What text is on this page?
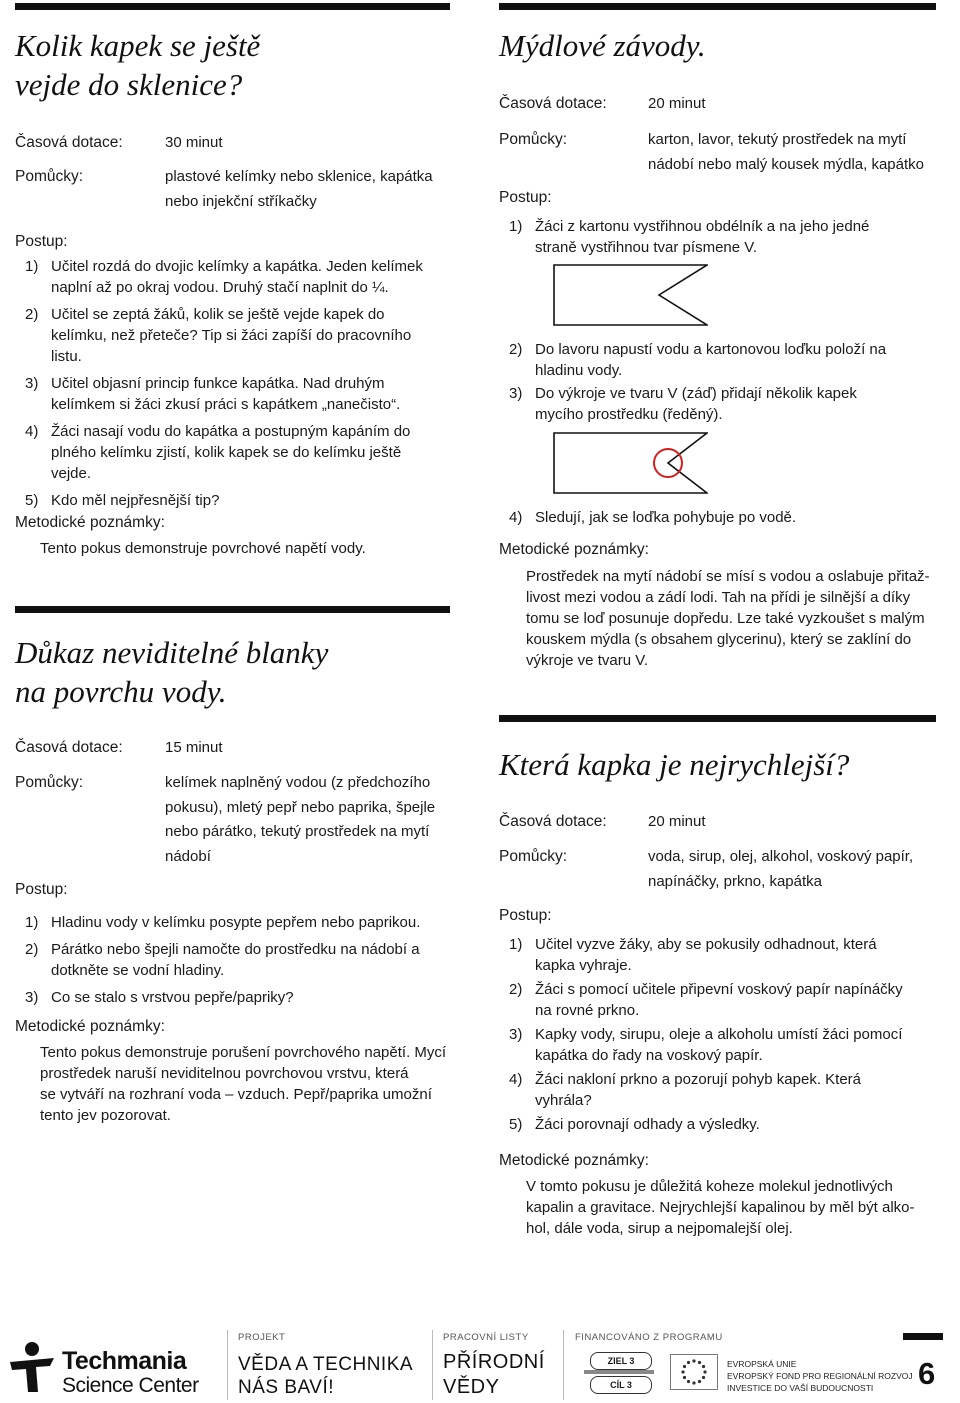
Kolik kapek se ještě
vejde do sklenice?
Časová dotace:	30 minut
Pomůcky:	plastové kelímky nebo sklenice, kapátka
nebo injekční stříkačky
Postup:
1) Učitel rozdá do dvojic kelímky a kapátka. Jeden kelímek
naplní až po okraj vodou. Druhý stačí naplnit do ¼.
2) Učitel se zeptá žáků, kolik se ještě vejde kapek do
kelímku, než přeteče? Tip si žáci zapíší do pracovního
listu.
3) Učitel objasní princip funkce kapátka. Nad druhým
kelímkem si žáci zkusí práci s kapátkem „nanečisto“.
4) Žáci nasají vodu do kapátka a postupným kapáním do
plného kelímku zjistí, kolik kapek se do kelímku ještě
vejde.
5) Kdo měl nejpřesnější tip?
Metodické poznámky:
Tento pokus demonstruje povrchové napětí vody.
Důkaz neviditelné blanky
na povrchu vody.
Časová dotace:	15 minut
Pomůcky:	kelímek naplněný vodou (z předchozího
pokusu), mletý pepř nebo paprika, špejle
nebo párátko, tekutý prostředek na mytí
nádobí
Postup:
1) Hladinu vody v kelímku posypte pepřem nebo paprikou.
2) Párátko nebo špejli namočte do prostředku na nádobí a
dotkněte se vodní hladiny.
3) Co se stalo s vrstvou pepře/papriky?
Metodické poznámky:
Tento pokus demonstruje porušení povrchového napětí. Mycí
prostředek naruší neviditelnou povrchovou vrstvu, která
se vytváří na rozhraní voda – vzduch. Pepř/paprika umožní
tento jev pozorovat.
Mýdlové závody.
Časová dotace:	20 minut
Pomůcky:	karton, lavor, tekutý prostředek na mytí
nádobí nebo malý kousek mýdla, kapátko
Postup:
1) Žáci z kartonu vystřihnou obdélník a na jeho jedné
straně vystřihnou tvar písmene V.
2) Do lavoru napustí vodu a kartonovou loďku položí na
hladinu vody.
3) Do výkroje ve tvaru V (záď) přidají několik kapek
mycího prostředku (ředěný).
4) Sledují, jak se loďka pohybuje po vodě.
Metodické poznámky:
Prostředek na mytí nádobí se mísí s vodou a oslabuje přitaž-
livost mezi vodou a zádí lodi. Tah na přídi je silnější a díky
tomu se loď posunuje dopředu. Lze také vyzkoušet s malým
kouskem mýdla (s obsahem glycerinu), který se zaklíní do
výkroje ve tvaru V.
Která kapka je nejrychlejší?
Časová dotace:	20 minut
Pomůcky:	voda, sirup, olej, alkohol, voskový papír,
napínáčky, prkno, kapátka
Postup:
1) Učitel vyzve žáky, aby se pokusily odhadnout, která
kapka vyhraje.
2) Žáci s pomocí učitele připevní voskový papír napínáčky
na rovné prkno.
3) Kapky vody, sirupu, oleje a alkoholu umístí žáci pomocí
kapátka do řady na voskový papír.
4) Žáci nakloní prkno a pozorují pohyb kapek. Která
vyhrála?
5) Žáci porovnají odhady a výsledky.
Metodické poznámky:
V tomto pokusu je důležitá koheze molekul jednotlivých
kapalin a gravitace. Nejrychlejší kapalinou by měl být alko-
hol, dále voda, sirup a nejpomalejší olej.
Techmania
Science Center
PROJEKT
VĚDA A TECHNIKA
NÁS BAVÍ!
PRACOVNÍ LISTY
PŘÍRODNÍ
VĚDY
FINANCOVÁNO Z PROGRAMU
ZIEL 3
CÍL 3
EVROPSKÁ UNIE
EVROPSKÝ FOND PRO REGIONÁLNÍ ROZVOJ
INVESTICE DO VAŠÍ BUDOUCNOSTI	6
